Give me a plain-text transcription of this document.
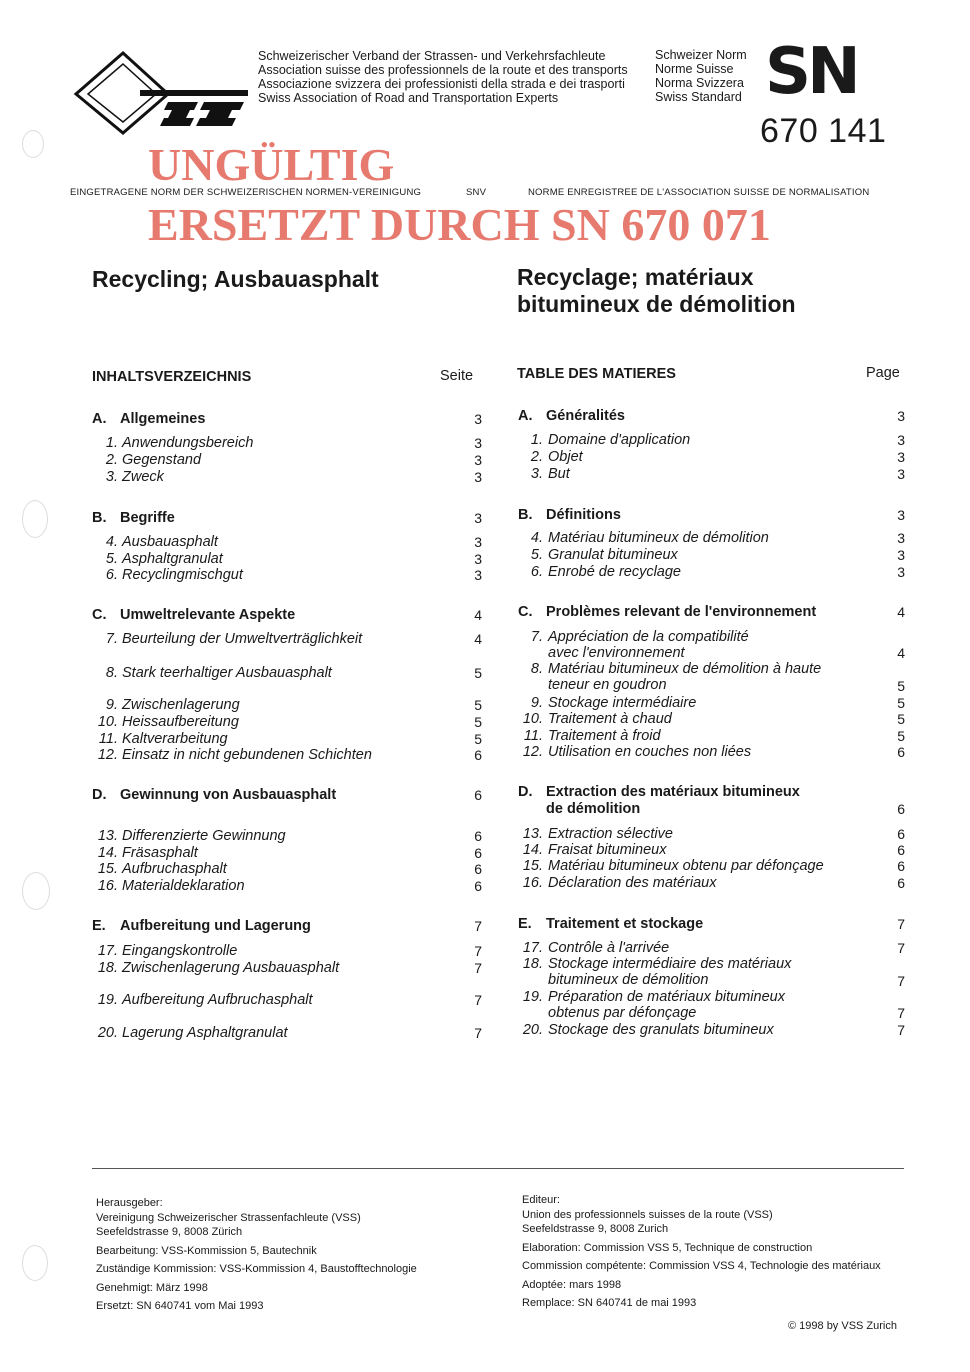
Schweizerischer Verband der Strassen- und Verkehrsfachleute
Association suisse des professionnels de la route et des transports
Associazione svizzera dei professionisti della strada e dei trasporti
Swiss Association of Road and Transportation Experts
Schweizer Norm
Norme Suisse
Norma Svizzera
Swiss Standard SN
670 141
UNGÜLTIG
EINGETRAGENE NORM DER SCHWEIZERISCHEN NORMEN-VEREINIGUNG	SNV	NORME ENREGISTREE DE L'ASSOCIATION SUISSE DE NORMALISATION
ERSETZT DURCH SN 670 071
Recycling; Ausbauasphalt	Recyclage; matériaux
bitumineux de démolition
INHALTSVERZEICHNIS	Seite	TABLE DES MATIERES	Page
A. Allgemeines	3
B. Begriffe	3
C. Umweltrelevante Aspekte	4
D. Gewinnung von Ausbauasphalt	6
E. Aufbereitung und Lagerung	7
1. Anwendungsbereich	3
2. Gegenstand	3
3. Zweck	3
4. Ausbauasphalt	3
5. Asphaltgranulat	3
6. Recyclingmischgut	3
7. Beurteilung der Umweltverträglichkeit	4
8. Stark teerhaltiger Ausbauasphalt	5
9. Zwischenlagerung	5
10. Heissaufbereitung	5
11. Kaltverarbeitung	5
12. Einsatz in nicht gebundenen Schichten	6
13. Differenzierte Gewinnung	6
14. Fräsasphalt	6
15. Aufbruchasphalt	6
16. Materialdeklaration	6
17. Eingangskontrolle	7
18. Zwischenlagerung Ausbauasphalt	7
19. Aufbereitung Aufbruchasphalt	7
20. Lagerung Asphaltgranulat	7
A. Généralités	3
B. Définitions	3
C. Problèmes relevant de l'environnement	4
D. Extraction des matériaux bitumineux
de démolition	6
E. Traitement et stockage	7
1. Domaine d'application	3
2. Objet	3
3. But	3
4. Matériau bitumineux de démolition	3
5. Granulat bitumineux	3
6. Enrobé de recyclage	3
7. Appréciation de la compatibilité
avec l'environnement	4
8. Matériau bitumineux de démolition à haute
teneur en goudron	5
9. Stockage intermédiaire	5
10. Traitement à chaud	5
11. Traitement à froid	5
12. Utilisation en couches non liées	6
13. Extraction sélective	6
14. Fraisat bitumineux	6
15. Matériau bitumineux obtenu par défonçage	6
16. Déclaration des matériaux	6
17. Contrôle à l'arrivée	7
18. Stockage intermédiaire des matériaux
bitumineux de démolition	7
19. Préparation de matériaux bitumineux
obtenus par défonçage	7
20. Stockage des granulats bitumineux	7
Herausgeber:
Vereinigung Schweizerischer Strassenfachleute (VSS)
Seefeldstrasse 9, 8008 Zürich
Bearbeitung: VSS-Kommission 5, Bautechnik
Zuständige Kommission: VSS-Kommission 4, Baustofftechnologie
Genehmigt: März 1998
Ersetzt: SN 640741 vom Mai 1993
Editeur:
Union des professionnels suisses de la route (VSS)
Seefeldstrasse 9, 8008 Zurich
Elaboration: Commission VSS 5, Technique de construction
Commission compétente: Commission VSS 4, Technologie des matériaux
Adoptée: mars 1998
Remplace: SN 640741 de mai 1993
© 1998 by VSS Zurich
